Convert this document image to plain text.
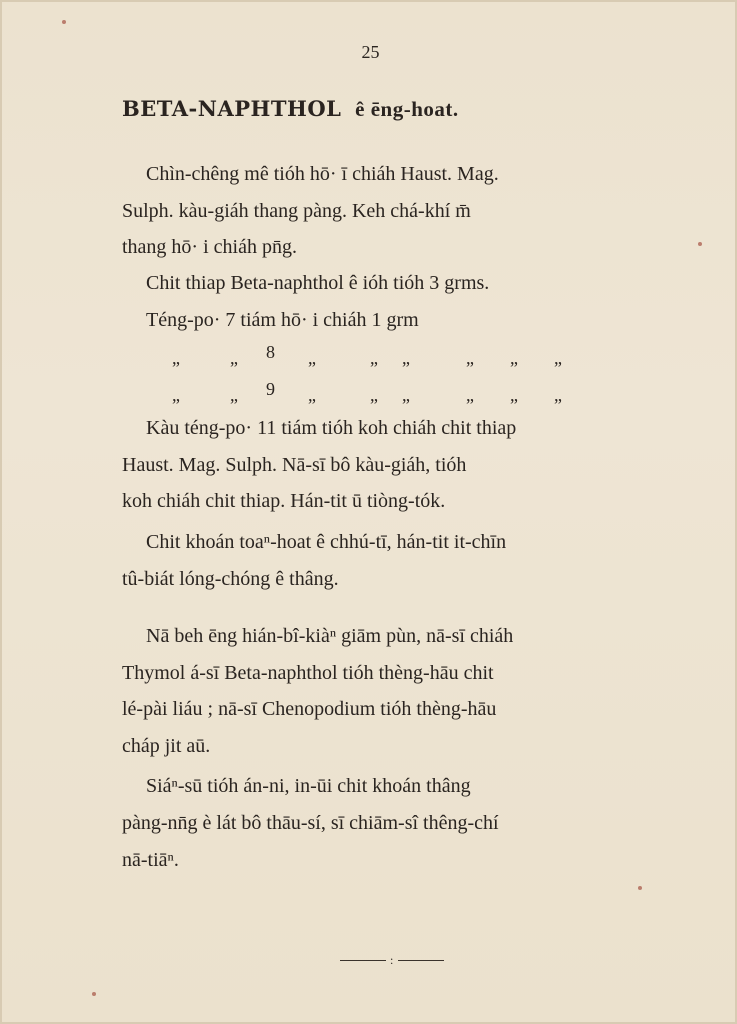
25
BETA-NAPHTHOL ê ēng-hoat.
Chìn-chêng mê tióh hō· ī chiáh Haust. Mag.
Sulph. kàu-giáh thang pàng. Keh chá-khí m̄
thang hō· i chiáh pn̄g.
Chit thiap Beta-naphthol ê ióh tióh 3 grms.
Téng-po· 7 tiám hō· i chiáh 1 grm
„	„ 8 „	„ „	„ „ „
„	„ 9 „	„ „	„ „ „
Kàu téng-po· 11 tiám tióh koh chiáh chit thiap
Haust. Mag. Sulph. Nā-sī bô kàu-giáh, tióh
koh chiáh chit thiap. Hán-tit ū tiòng-tók.
Chit khoán toaⁿ-hoat ê chhú-tī, hán-tit it-chīn
tû-biát lóng-chóng ê thâng.
Nā beh ēng hián-bî-kiàⁿ giām pùn, nā-sī chiáh
Thymol á-sī Beta-naphthol tióh thèng-hāu chit
lé-pài liáu ; nā-sī Chenopodium tióh thèng-hāu
cháp jit aū.
Siáⁿ-sū tióh án-ni, in-ūi chit khoán thâng
pàng-nn̄g è lát bô thāu-sí, sī chiām-sî thêng-chí
nā-tiāⁿ.
:
